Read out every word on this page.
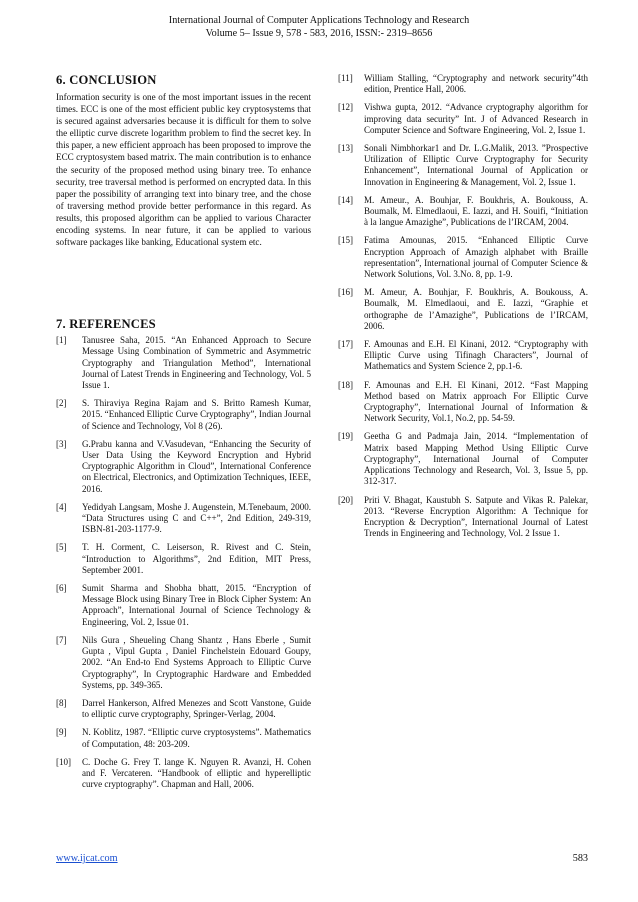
International Journal of Computer Applications Technology and Research
Volume 5– Issue 9, 578 - 583, 2016, ISSN:- 2319–8656
6. CONCLUSION

Information security is one of the most important issues in the recent times. ECC is one of the most efficient public key cryptosystems that is secured against adversaries because it is difficult for them to solve the elliptic curve discrete logarithm problem to find the secret key. In this paper, a new efficient approach has been proposed to improve the ECC cryptosystem based matrix. The main contribution is to enhance the security of the proposed method using binary tree. To enhance security, tree traversal method is performed on encrypted data. In this paper the possibility of arranging text into binary tree, and the chose of traversing method provide better performance in this regard. As results, this proposed algorithm can be applied to various Character encoding systems. In near future, it can be applied to various software packages like banking, Educational system etc.

7. REFERENCES
[1]	Tanusree Saha, 2015. “An Enhanced Approach to Secure Message Using Combination of Symmetric and Asymmetric Cryptography and Triangulation Method”, International Journal of Latest Trends in Engineering and Technology, Vol. 5 Issue 1.
[2]	S. Thiraviya Regina Rajam and S. Britto Ramesh Kumar, 2015. “Enhanced Elliptic Curve Cryptography”, Indian Journal of Science and Technology, Vol 8 (26).
[3]	G.Prabu kanna and V.Vasudevan, “Enhancing the Security of User Data Using the Keyword Encryption and Hybrid Cryptographic Algorithm in Cloud”, International Conference on Electrical, Electronics, and Optimization Techniques, IEEE, 2016.
[4]	Yedidyah Langsam, Moshe J. Augenstein, M.Tenebaum, 2000. “Data Structures using C and C++”, 2nd Edition, 249-319, ISBN-81-203-1177-9.
[5]	T. H. Corment, C. Leiserson, R. Rivest and C. Stein, “Introduction to Algorithms”, 2nd Edition, MIT Press, September 2001.
[6]	Sumit Sharma and Shobha bhatt, 2015. “Encryption of Message Block using Binary Tree in Block Cipher System: An Approach”, International Journal of Science Technology & Engineering, Vol. 2, Issue 01.
[7]	Nils Gura , Sheueling Chang Shantz , Hans Eberle , Sumit Gupta , Vipul Gupta , Daniel Finchelstein Edouard Goupy, 2002. “An End-to End Systems Approach to Elliptic Curve Cryptography”, In Cryptographic Hardware and Embedded Systems, pp. 349-365.
[8]	Darrel Hankerson, Alfred Menezes and Scott Vanstone, Guide to elliptic curve cryptography, Springer-Verlag, 2004.
[9]	N. Koblitz, 1987. “Elliptic curve cryptosystems”. Mathematics of Computation, 48: 203-209.
[10]	C. Doche G. Frey T. lange K. Nguyen R. Avanzi, H. Cohen and F. Vercateren. “Handbook of elliptic and hyperelliptic curve cryptography”. Chapman and Hall, 2006.
[11]	William Stalling, “Cryptography and network security”4th edition, Prentice Hall, 2006.
[12]	Vishwa gupta, 2012. “Advance cryptography algorithm for improving data security” Int. J of Advanced Research in Computer Science and Software Engineering, Vol. 2, Issue 1.
[13]	Sonali Nimbhorkar1 and Dr. L.G.Malik, 2013. ”Prospective Utilization of Elliptic Curve Cryptography for Security Enhancement”, International Journal of Application or Innovation in Engineering & Management, Vol. 2, Issue 1.
[14]	M. Ameur., A. Bouhjar, F. Boukhris, A. Boukouss, A. Boumalk, M. Elmedlaoui, E. Iazzi, and H. Souifi, “Initiation à la langue Amazighe”, Publications de l’IRCAM, 2004.
[15]	Fatima Amounas, 2015. “Enhanced Elliptic Curve Encryption Approach of Amazigh alphabet with Braille representation”, International journal of Computer Science & Network Solutions, Vol. 3.No. 8, pp. 1-9.
[16]	M. Ameur, A. Bouhjar, F. Boukhris, A. Boukouss, A. Boumalk, M. Elmedlaoui, and E. Iazzi, “Graphie et orthographe de l’Amazighe”, Publications de l’IRCAM, 2006.
[17]	F. Amounas and E.H. El Kinani, 2012. “Cryptography with Elliptic Curve using Tifinagh Characters”, Journal of Mathematics and System Science 2, pp.1-6.
[18]	F. Amounas and E.H. El Kinani, 2012. “Fast Mapping Method based on Matrix approach For Elliptic Curve Cryptography”, International Journal of Information & Network Security, Vol.1, No.2, pp. 54-59.
[19]	Geetha G and Padmaja Jain, 2014. “Implementation of Matrix based Mapping Method Using Elliptic Curve Cryptography”, International Journal of Computer Applications Technology and Research, Vol. 3, Issue 5, pp. 312-317.
[20]	Priti V. Bhagat, Kaustubh S. Satpute and Vikas R. Palekar, 2013. “Reverse Encryption Algorithm: A Technique for Encryption & Decryption”, International Journal of Latest Trends in Engineering and Technology, Vol. 2 Issue 1.
www.ijcat.com	583
